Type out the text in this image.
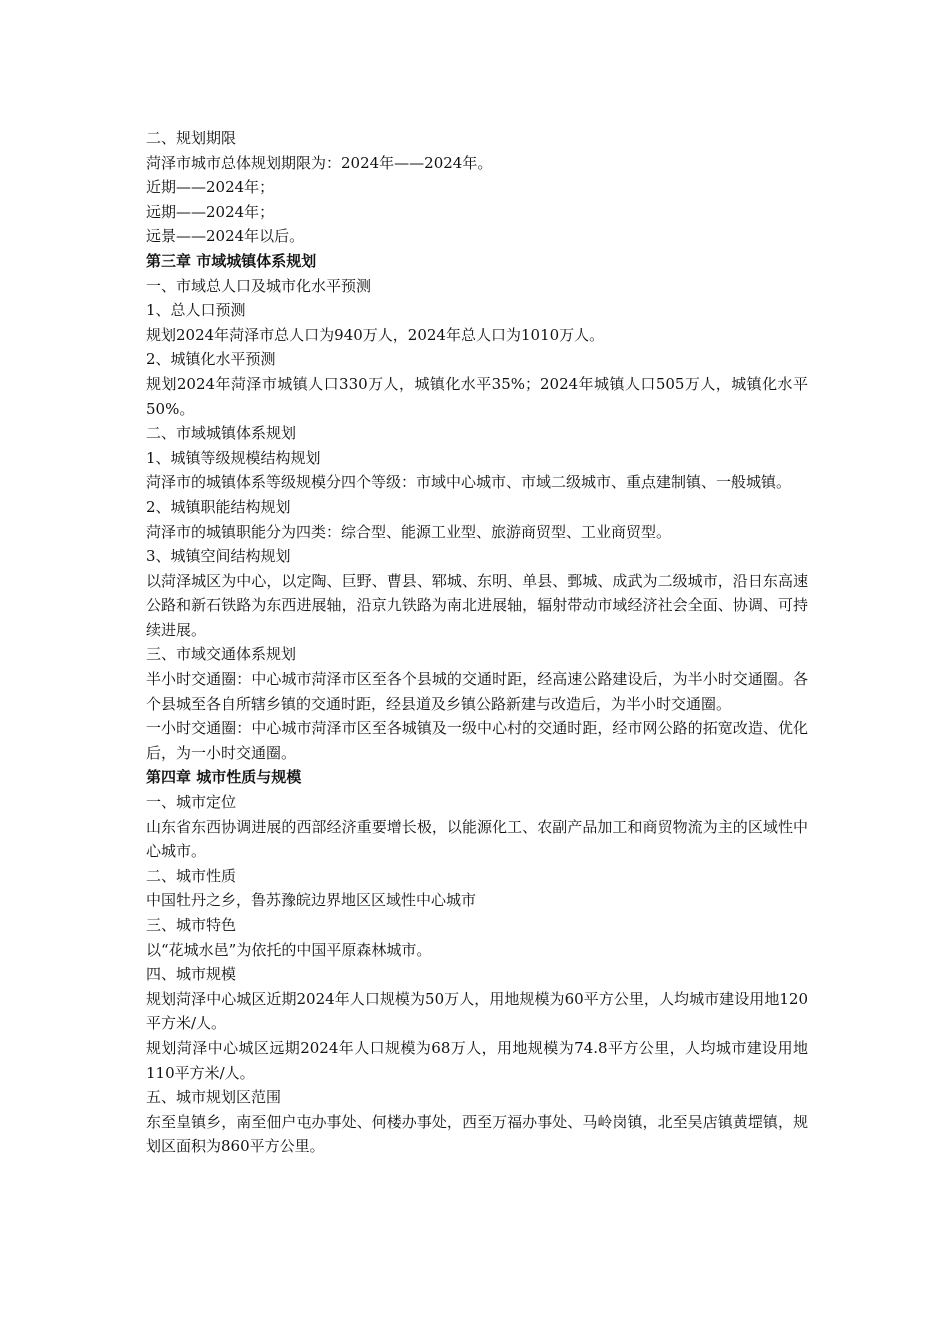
二、规划期限

菏泽市城市总体规划期限为：2024年——2024年。

近期——2024年；

远期——2024年；

远景——2024年以后。

第三章 市域城镇体系规划

一、市域总人口及城市化水平预测

1、总人口预测

规划2024年菏泽市总人口为940万人，2024年总人口为1010万人。

2、城镇化水平预测

规划2024年菏泽市城镇人口330万人，城镇化水平35%；2024年城镇人口505万人，城镇化水平50%。

二、市域城镇体系规划

1、城镇等级规模结构规划

菏泽市的城镇体系等级规模分四个等级：市域中心城市、市域二级城市、重点建制镇、一般城镇。

2、城镇职能结构规划

菏泽市的城镇职能分为四类：综合型、能源工业型、旅游商贸型、工业商贸型。

3、城镇空间结构规划

以菏泽城区为中心，以定陶、巨野、曹县、郓城、东明、单县、鄄城、成武为二级城市，沿日东高速公路和新石铁路为东西进展轴，沿京九铁路为南北进展轴，辐射带动市域经济社会全面、协调、可持续进展。

三、市域交通体系规划

半小时交通圈：中心城市菏泽市区至各个县城的交通时距，经高速公路建设后，为半小时交通圈。各个县城至各自所辖乡镇的交通时距，经县道及乡镇公路新建与改造后，为半小时交通圈。

一小时交通圈：中心城市菏泽市区至各城镇及一级中心村的交通时距，经市网公路的拓宽改造、优化后，为一小时交通圈。

第四章 城市性质与规模

一、城市定位

山东省东西协调进展的西部经济重要增长极，以能源化工、农副产品加工和商贸物流为主的区域性中心城市。

二、城市性质

中国牡丹之乡，鲁苏豫皖边界地区区域性中心城市

三、城市特色

以“花城水邑”为依托的中国平原森林城市。

四、城市规模

规划菏泽中心城区近期2024年人口规模为50万人，用地规模为60平方公里，人均城市建设用地120平方米/人。

规划菏泽中心城区远期2024年人口规模为68万人，用地规模为74.8平方公里，人均城市建设用地110平方米/人。

五、城市规划区范围

东至皇镇乡，南至佃户屯办事处、何楼办事处，西至万福办事处、马岭岗镇，北至吴店镇黄堽镇，规划区面积为860平方公里。
